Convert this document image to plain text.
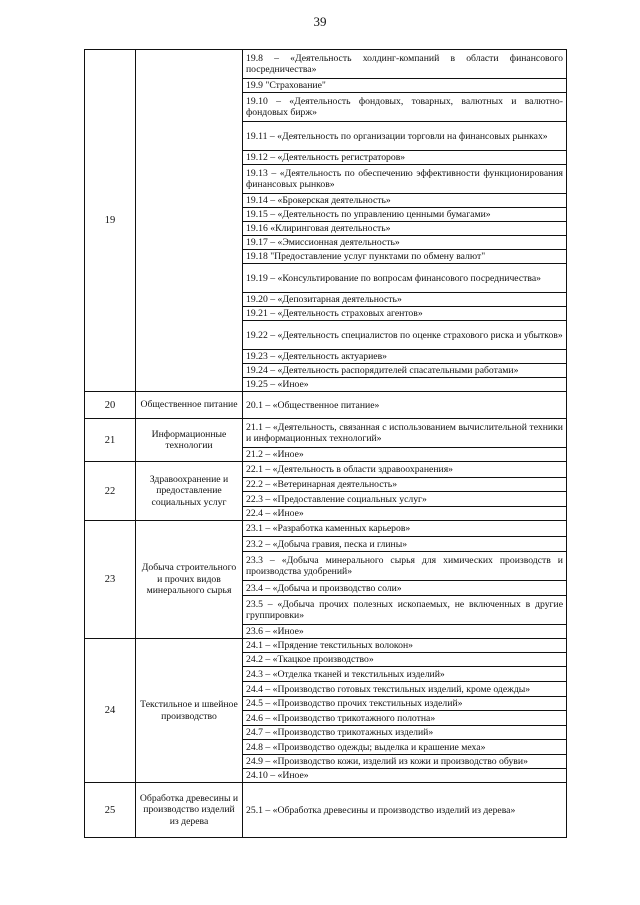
39
19		19.8 – «Деятельность холдинг-компаний в области финансового посредничества»
		19.9 "Страхование"
		19.10 – «Деятельность фондовых, товарных, валютных и валютно-фондовых бирж»
		19.11 – «Деятельность по организации торговли на финансовых рынках»
		19.12 – «Деятельность регистраторов»
		19.13 – «Деятельность по обеспечению эффективности функционирования финансовых рынков»
		19.14 – «Брокерская деятельность»
		19.15 – «Деятельность по управлению ценными бумагами»
		19.16 «Клиринговая деятельность»
		19.17 – «Эмиссионная деятельность»
		19.18 "Предоставление услуг пунктами по обмену валют"
		19.19 – «Консультирование по вопросам финансового посредничества»
		19.20 – «Депозитарная деятельность»
		19.21 – «Деятельность страховых агентов»
		19.22 – «Деятельность специалистов по оценке страхового риска и убытков»
		19.23 – «Деятельность актуариев»
		19.24 – «Деятельность распорядителей спасательными работами»
		19.25 – «Иное»
20	Общественное питание	20.1 – «Общественное питание»
21	Информационные технологии	21.1 – «Деятельность, связанная с использованием вычислительной техники и информационных технологий»
		21.2 – «Иное»
22	Здравоохранение и предоставление социальных услуг	22.1 – «Деятельность в области здравоохранения»
		22.2 – «Ветеринарная деятельность»
		22.3 – «Предоставление социальных услуг»
		22.4 – «Иное»
23	Добыча строительного и прочих видов минерального сырья	23.1 – «Разработка каменных карьеров»
		23.2 – «Добыча гравия, песка и глины»
		23.3 – «Добыча минерального сырья для химических производств и производства удобрений»
		23.4 – «Добыча и производство соли»
		23.5 – «Добыча прочих полезных ископаемых, не включенных в другие группировки»
		23.6 – «Иное»
24	Текстильное и швейное производство	24.1 – «Прядение текстильных волокон»
		24.2 – «Ткацкое производство»
		24.3 – «Отделка тканей и текстильных изделий»
		24.4 – «Производство готовых текстильных изделий, кроме одежды»
		24.5 – «Производство прочих текстильных изделий»
		24.6 – «Производство трикотажного полотна»
		24.7 – «Производство трикотажных изделий»
		24.8 – «Производство одежды; выделка и крашение меха»
		24.9 – «Производство кожи, изделий из кожи и производство обуви»
		24.10 – «Иное»
25	Обработка древесины и производство изделий из дерева	25.1 – «Обработка древесины и производство изделий из дерева»
